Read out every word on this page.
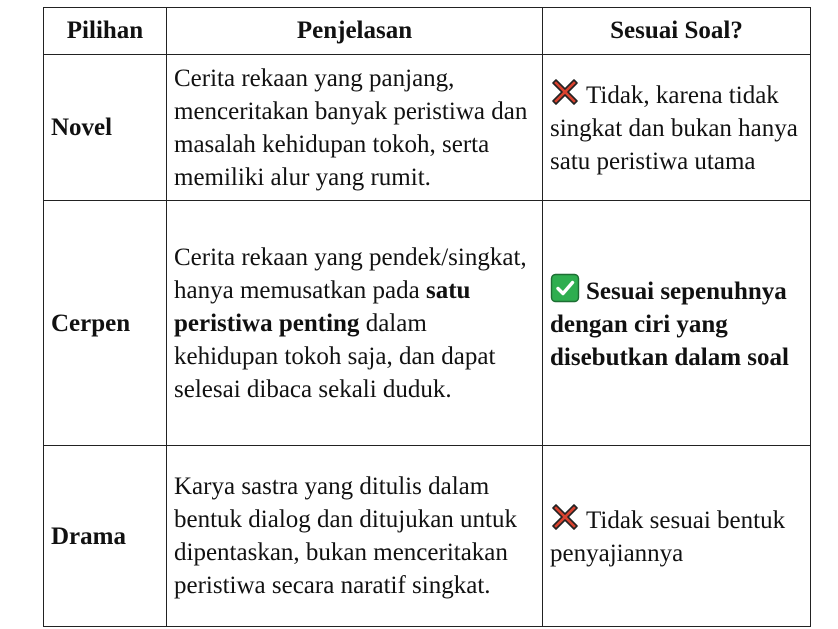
Pilihan	Penjelasan	Sesuai Soal?
Novel	Cerita rekaan yang panjang, menceritakan banyak peristiwa dan masalah kehidupan tokoh, serta memiliki alur yang rumit.	Tidak, karena tidak singkat dan bukan hanya satu peristiwa utama
Cerpen	Cerita rekaan yang pendek/singkat, hanya memusatkan pada satu peristiwa penting dalam kehidupan tokoh saja, dan dapat selesai dibaca sekali duduk.	Sesuai sepenuhnya dengan ciri yang disebutkan dalam soal
Drama	Karya sastra yang ditulis dalam bentuk dialog dan ditujukan untuk dipentaskan, bukan menceritakan peristiwa secara naratif singkat.	Tidak sesuai bentuk penyajiannya
